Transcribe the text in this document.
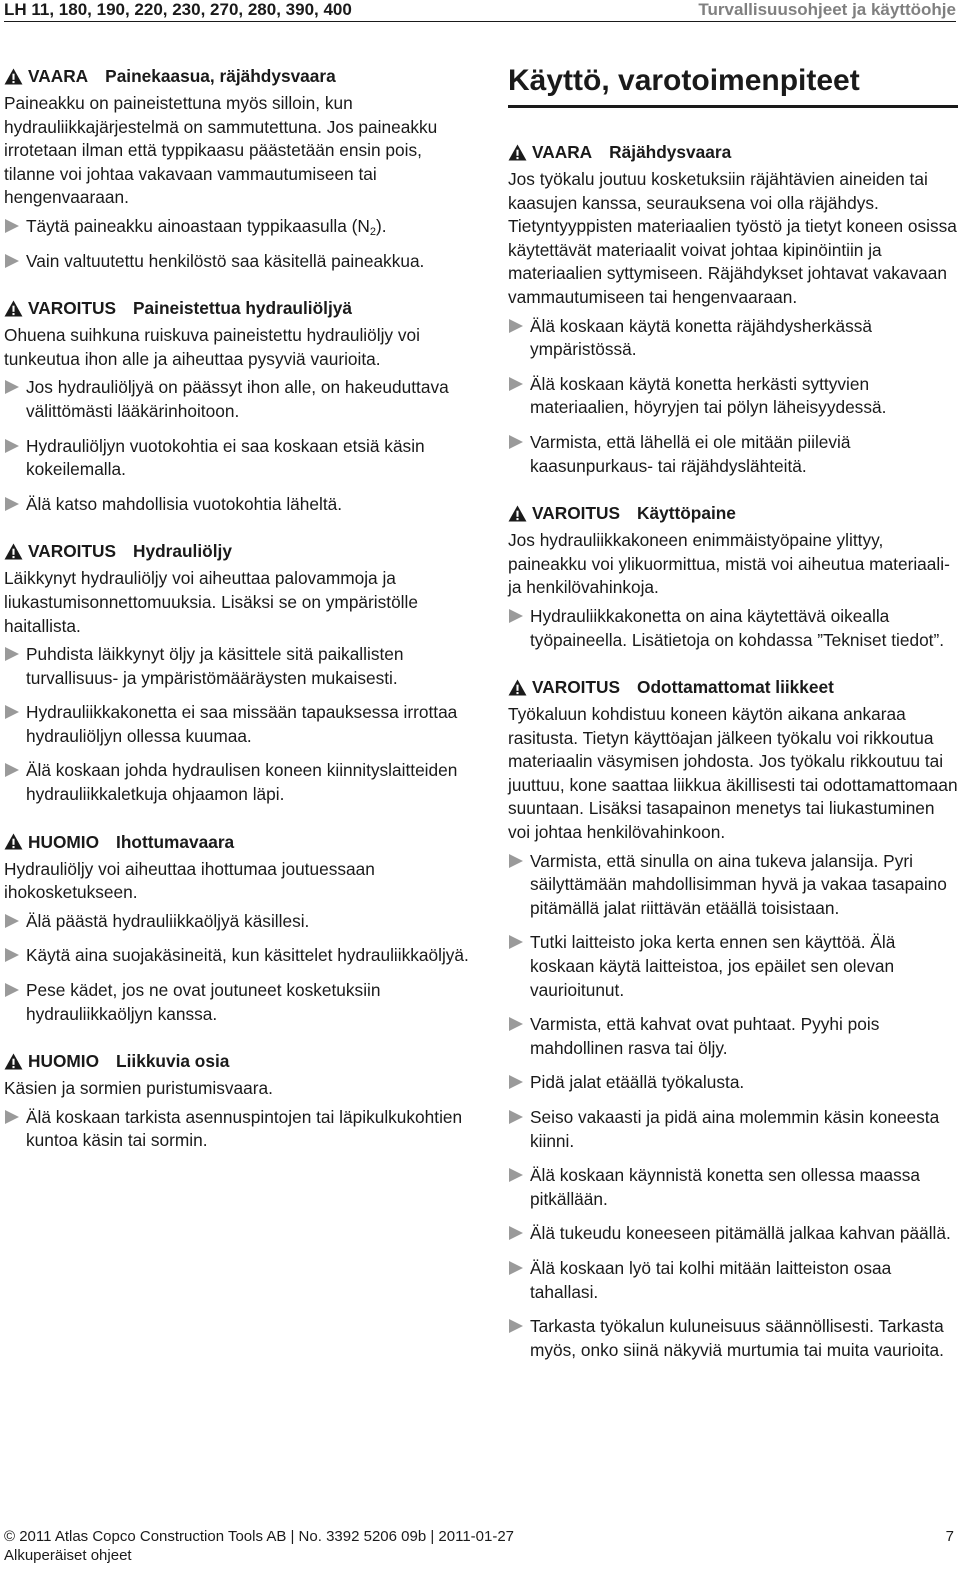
LH 11, 180, 190, 220, 230, 270, 280, 390, 400	Turvallisuusohjeet ja käyttöohje
VAARA Painekaasua, räjähdysvaara
Paineakku on paineistettuna myös silloin, kun hydrauliikkajärjestelmä on sammutettuna. Jos paineakku irrotetaan ilman että typpikaasu päästetään ensin pois, tilanne voi johtaa vakavaan vammautumiseen tai hengenvaaraan.
Täytä paineakku ainoastaan typpikaasulla $(N_2)$.
Vain valtuutettu henkilöstö saa käsitellä paineakkua.
VAROITUS Paineistettua hydrauliöljyä
Ohuena suihkuna ruiskuva paineistettu hydrauliöljy voi tunkeutua ihon alle ja aiheuttaa pysyviä vaurioita.
Jos hydrauliöljyä on päässyt ihon alle, on hakeuduttava välittömästi lääkärinhoitoon.
Hydrauliöljyn vuotokohtia ei saa koskaan etsiä käsin kokeilemalla.
Älä katso mahdollisia vuotokohtia läheltä.
VAROITUS Hydrauliöljy
Läikkynyt hydrauliöljy voi aiheuttaa palovammoja ja liukastumisonnettomuuksia. Lisäksi se on ympäristölle haitallista.
Puhdista läikkynyt öljy ja käsittele sitä paikallisten turvallisuus- ja ympäristömääräysten mukaisesti.
Hydrauliikkakonetta ei saa missään tapauksessa irrottaa hydrauliöljyn ollessa kuumaa.
Älä koskaan johda hydraulisen koneen kiinnityslaitteiden hydrauliikkaletkuja ohjaamon läpi.
HUOMIO Ihottumavaara
Hydrauliöljy voi aiheuttaa ihottumaa joutuessaan ihokosketukseen.
Älä päästä hydrauliikkaöljyä käsillesi.
Käytä aina suojakäsineitä, kun käsittelet hydrauliikkaöljyä.
Pese kädet, jos ne ovat joutuneet kosketuksiin hydrauliikkaöljyn kanssa.
HUOMIO Liikkuvia osia
Käsien ja sormien puristumisvaara.
Älä koskaan tarkista asennuspintojen tai läpikulkukohtien kuntoa käsin tai sormin.
Käyttö, varotoimenpiteet
VAARA Räjähdysvaara
Jos työkalu joutuu kosketuksiin räjähtävien aineiden tai kaasujen kanssa, seurauksena voi olla räjähdys. Tietyntyyppisten materiaalien työstö ja tietyt koneen osissa käytettävät materiaalit voivat johtaa kipinöintiin ja materiaalien syttymiseen. Räjähdykset johtavat vakavaan vammautumiseen tai hengenvaaraan.
Älä koskaan käytä konetta räjähdysherkässä ympäristössä.
Älä koskaan käytä konetta herkästi syttyvien materiaalien, höyryjen tai pölyn läheisyydessä.
Varmista, että lähellä ei ole mitään piileviä kaasunpurkaus- tai räjähdyslähteitä.
VAROITUS Käyttöpaine
Jos hydrauliikkakoneen enimmäistyöpaine ylittyy, paineakku voi ylikuormittua, mistä voi aiheutua materiaali- ja henkilövahinkoja.
Hydrauliikkakonetta on aina käytettävä oikealla työpaineella. Lisätietoja on kohdassa ”Tekniset tiedot”.
VAROITUS Odottamattomat liikkeet
Työkaluun kohdistuu koneen käytön aikana ankaraa rasitusta. Tietyn käyttöajan jälkeen työkalu voi rikkoutua materiaalin väsymisen johdosta. Jos työkalu rikkoutuu tai juuttuu, kone saattaa liikkua äkillisesti tai odottamattomaan suuntaan. Lisäksi tasapainon menetys tai liukastuminen voi johtaa henkilövahinkoon.
Varmista, että sinulla on aina tukeva jalansija. Pyri säilyttämään mahdollisimman hyvä ja vakaa tasapaino pitämällä jalat riittävän etäällä toisistaan.
Tutki laitteisto joka kerta ennen sen käyttöä. Älä koskaan käytä laitteistoa, jos epäilet sen olevan vaurioitunut.
Varmista, että kahvat ovat puhtaat. Pyyhi pois mahdollinen rasva tai öljy.
Pidä jalat etäällä työkalusta.
Seiso vakaasti ja pidä aina molemmin käsin koneesta kiinni.
Älä koskaan käynnistä konetta sen ollessa maassa pitkällään.
Älä tukeudu koneeseen pitämällä jalkaa kahvan päällä.
Älä koskaan lyö tai kolhi mitään laitteiston osaa tahallasi.
Tarkasta työkalun kuluneisuus säännöllisesti. Tarkasta myös, onko siinä näkyviä murtumia tai muita vaurioita.
© 2011 Atlas Copco Construction Tools AB | No. 3392 5206 09b | 2011-01-27
Alkuperäiset ohjeet
7
